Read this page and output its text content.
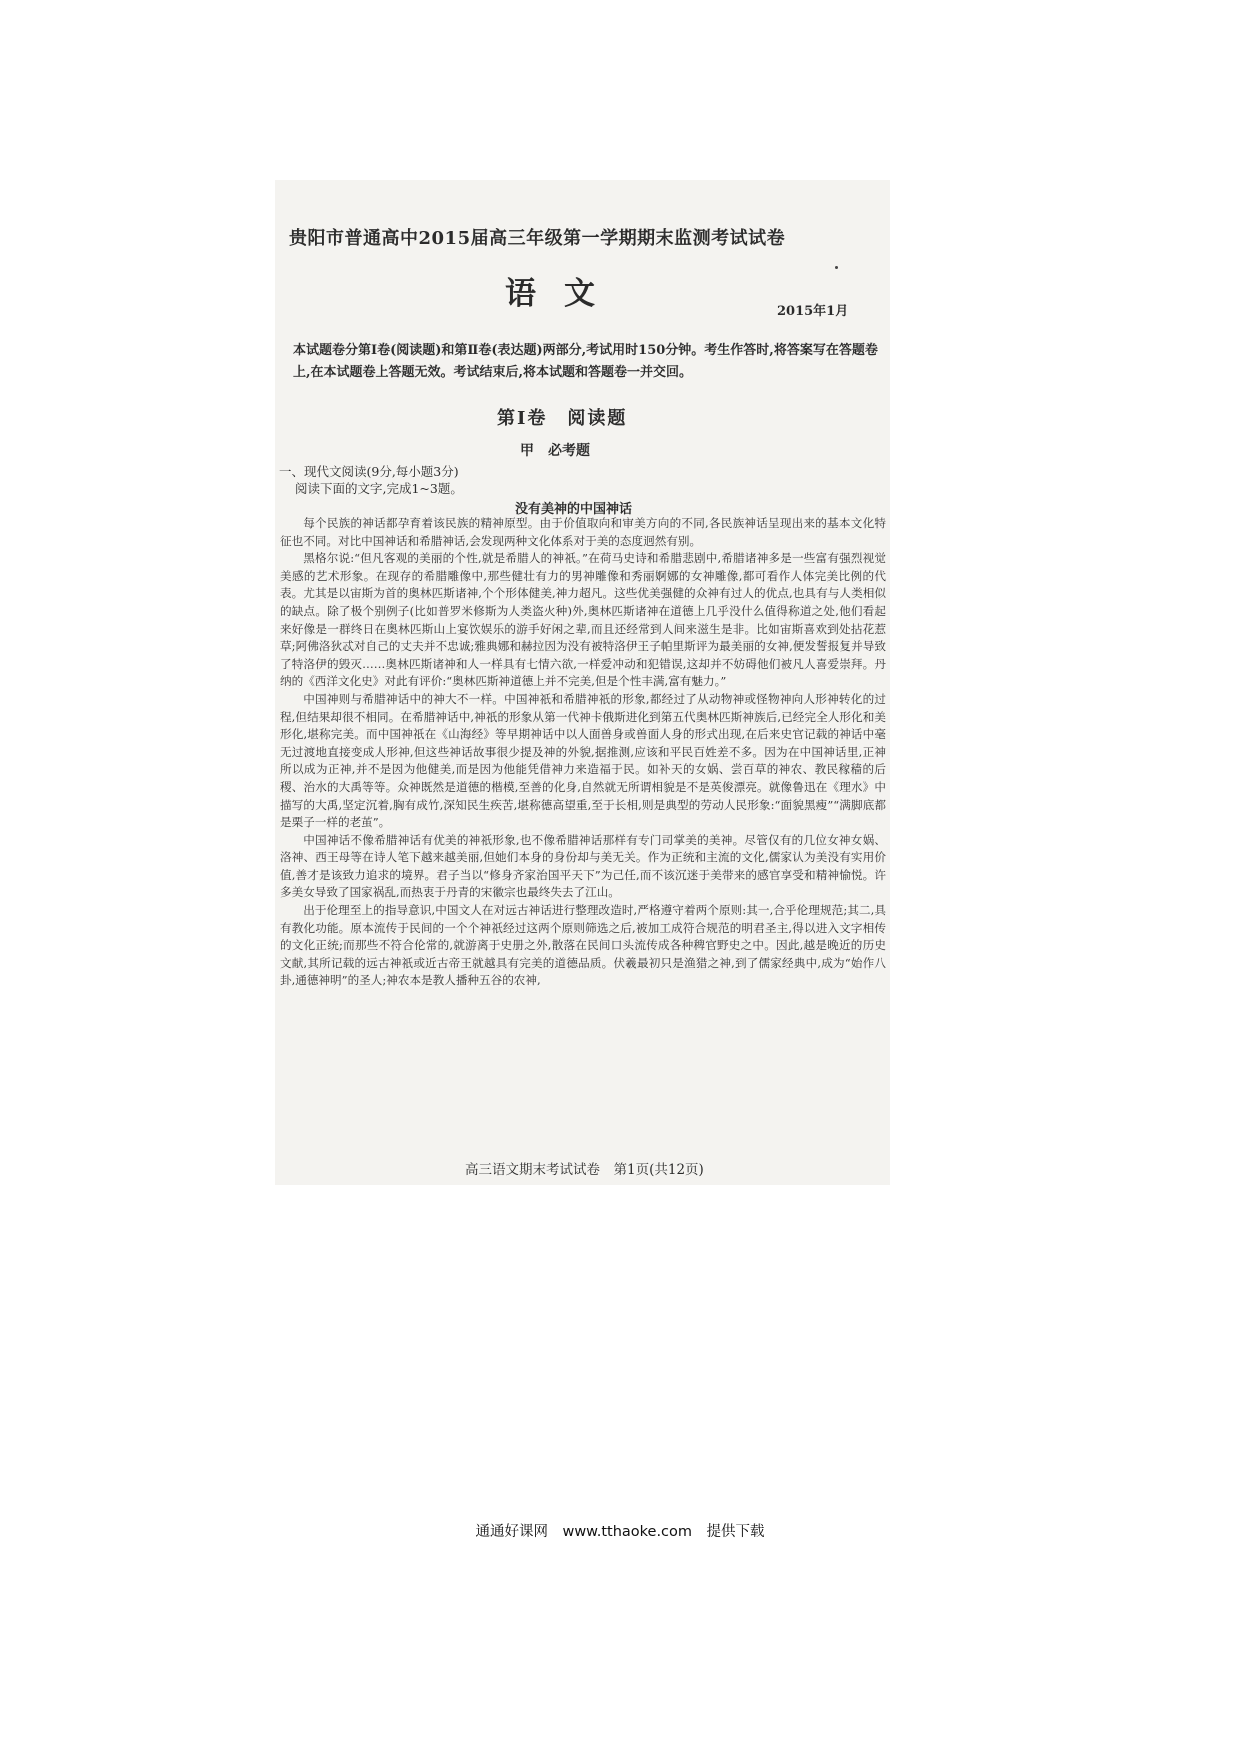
贵阳市普通高中2015届高三年级第一学期期末监测考试试卷
语文	2015年1月
本试题卷分第Ⅰ卷(阅读题)和第Ⅱ卷(表达题)两部分,考试用时150分钟。考生作答时,将答案写在答题卷上,在本试题卷上答题无效。考试结束后,将本试题和答题卷一并交回。
第Ⅰ卷　阅读题
甲　必考题
一、现代文阅读(9分,每小题3分)
阅读下面的文字,完成1~3题。
没有美神的中国神话

每个民族的神话都孕育着该民族的精神原型。由于价值取向和审美方向的不同,各民族神话呈现出来的基本文化特征也不同。对比中国神话和希腊神话,会发现两种文化体系对于美的态度迥然有别。

黑格尔说:“但凡客观的美丽的个性,就是希腊人的神祇。”在荷马史诗和希腊悲剧中,希腊诸神多是一些富有强烈视觉美感的艺术形象。在现存的希腊雕像中,那些健壮有力的男神雕像和秀丽婀娜的女神雕像,都可看作人体完美比例的代表。尤其是以宙斯为首的奥林匹斯诸神,个个形体健美,神力超凡。这些优美强健的众神有过人的优点,也具有与人类相似的缺点。除了极个别例子(比如普罗米修斯为人类盗火种)外,奥林匹斯诸神在道德上几乎没什么值得称道之处,他们看起来好像是一群终日在奥林匹斯山上宴饮娱乐的游手好闲之辈,而且还经常到人间来滋生是非。比如宙斯喜欢到处拈花惹草;阿佛洛狄忒对自己的丈夫并不忠诚;雅典娜和赫拉因为没有被特洛伊王子帕里斯评为最美丽的女神,便发誓报复并导致了特洛伊的毁灭……奥林匹斯诸神和人一样具有七情六欲,一样爱冲动和犯错误,这却并不妨碍他们被凡人喜爱崇拜。丹纳的《西洋文化史》对此有评价:“奥林匹斯神道德上并不完美,但是个性丰满,富有魅力。”

中国神则与希腊神话中的神大不一样。中国神祇和希腊神祇的形象,都经过了从动物神或怪物神向人形神转化的过程,但结果却很不相同。在希腊神话中,神祇的形象从第一代神卡俄斯进化到第五代奥林匹斯神族后,已经完全人形化和美形化,堪称完美。而中国神祇在《山海经》等早期神话中以人面兽身或兽面人身的形式出现,在后来史官记载的神话中毫无过渡地直接变成人形神,但这些神话故事很少提及神的外貌,据推测,应该和平民百姓差不多。因为在中国神话里,正神所以成为正神,并不是因为他健美,而是因为他能凭借神力来造福于民。如补天的女娲、尝百草的神农、教民稼穑的后稷、治水的大禹等等。众神既然是道德的楷模,至善的化身,自然就无所谓相貌是不是英俊漂亮。就像鲁迅在《理水》中描写的大禹,坚定沉着,胸有成竹,深知民生疾苦,堪称德高望重,至于长相,则是典型的劳动人民形象:“面貌黑瘦”“满脚底都是栗子一样的老茧”。

中国神话不像希腊神话有优美的神祇形象,也不像希腊神话那样有专门司掌美的美神。尽管仅有的几位女神女娲、洛神、西王母等在诗人笔下越来越美丽,但她们本身的身份却与美无关。作为正统和主流的文化,儒家认为美没有实用价值,善才是该致力追求的境界。君子当以“修身齐家治国平天下”为己任,而不该沉迷于美带来的感官享受和精神愉悦。许多美女导致了国家祸乱,而热衷于丹青的宋徽宗也最终失去了江山。

出于伦理至上的指导意识,中国文人在对远古神话进行整理改造时,严格遵守着两个原则:其一,合乎伦理规范;其二,具有教化功能。原本流传于民间的一个个神祇经过这两个原则筛选之后,被加工成符合规范的明君圣主,得以进入文字相传的文化正统;而那些不符合伦常的,就游离于史册之外,散落在民间口头流传成各种稗官野史之中。因此,越是晚近的历史文献,其所记载的远古神祇或近古帝王就越具有完美的道德品质。伏羲最初只是渔猎之神,到了儒家经典中,成为“始作八卦,通德神明”的圣人;神农本是教人播种五谷的农神,

高三语文期末考试试卷　第1页(共12页)
通通好课网　www.tthaoke.com　提供下载
